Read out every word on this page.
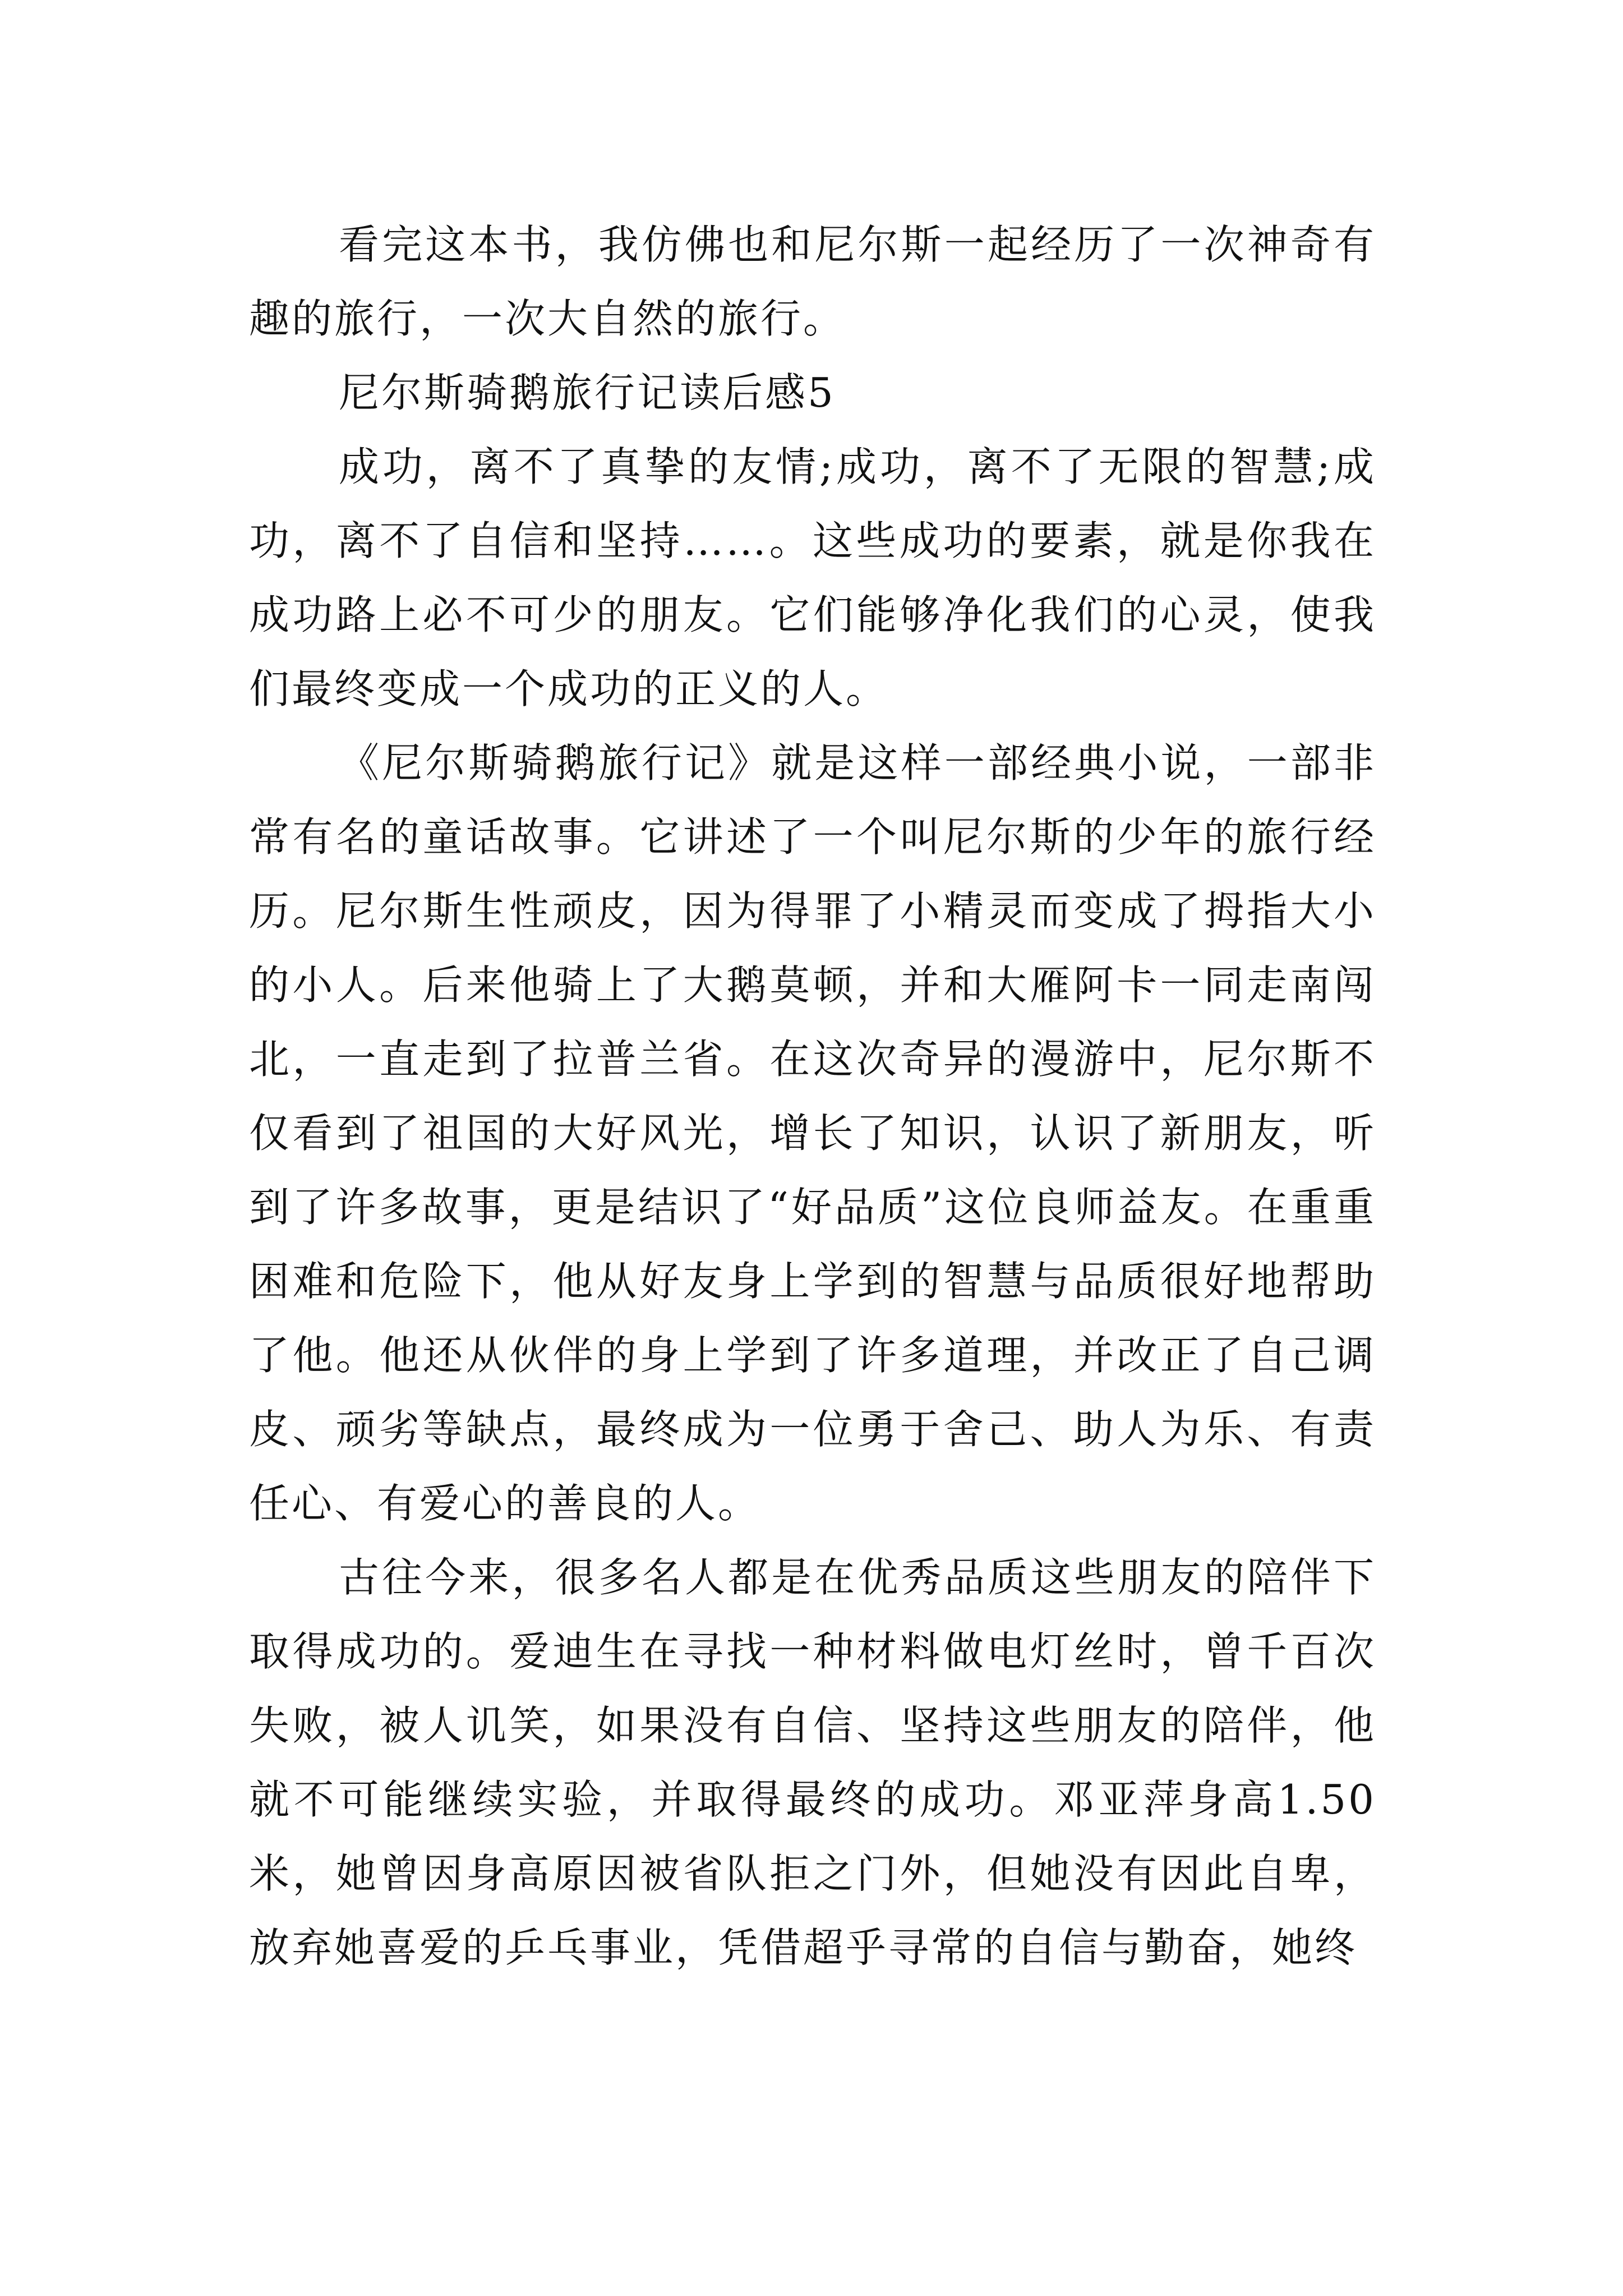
看完这本书，我仿佛也和尼尔斯一起经历了一次神奇有趣的旅行，一次大自然的旅行。

尼尔斯骑鹅旅行记读后感5

成功，离不了真挚的友情;成功，离不了无限的智慧;成功，离不了自信和坚持……。这些成功的要素，就是你我在成功路上必不可少的朋友。它们能够净化我们的心灵，使我们最终变成一个成功的正义的人。

《尼尔斯骑鹅旅行记》就是这样一部经典小说，一部非常有名的童话故事。它讲述了一个叫尼尔斯的少年的旅行经历。尼尔斯生性顽皮，因为得罪了小精灵而变成了拇指大小的小人。后来他骑上了大鹅莫顿，并和大雁阿卡一同走南闯北，一直走到了拉普兰省。在这次奇异的漫游中，尼尔斯不仅看到了祖国的大好风光，增长了知识，认识了新朋友，听到了许多故事，更是结识了“好品质”这位良师益友。在重重困难和危险下，他从好友身上学到的智慧与品质很好地帮助了他。他还从伙伴的身上学到了许多道理，并改正了自己调皮、顽劣等缺点，最终成为一位勇于舍己、助人为乐、有责任心、有爱心的善良的人。

古往今来，很多名人都是在优秀品质这些朋友的陪伴下取得成功的。爱迪生在寻找一种材料做电灯丝时，曾千百次失败，被人讥笑，如果没有自信、坚持这些朋友的陪伴，他就不可能继续实验，并取得最终的成功。邓亚萍身高1.50米，她曾因身高原因被省队拒之门外，但她没有因此自卑，放弃她喜爱的乒乓事业，凭借超乎寻常的自信与勤奋，她终
